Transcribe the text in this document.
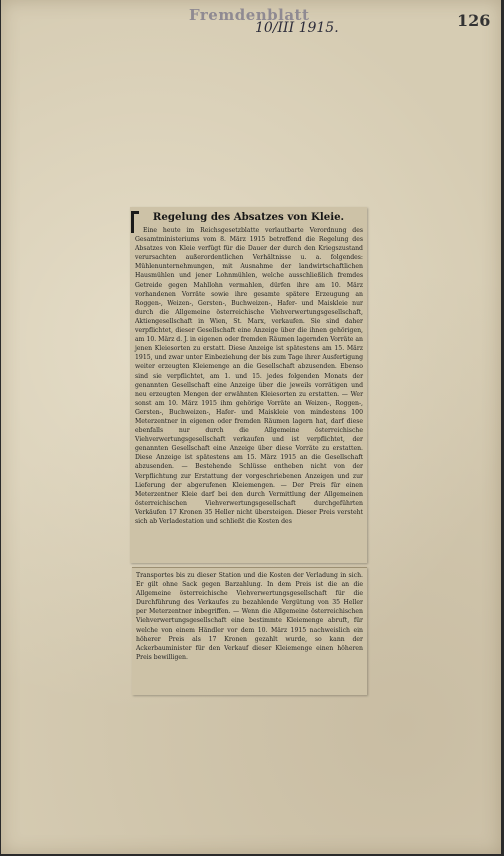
Fremdenblatt
10/III 1915.	126
Regelung des Absatzes von Kleie.

Eine heute im Reichsgesetzblatte verlautbarte Verordnung des Gesamtministeriums vom 8. März 1915 betreffend die Regelung des Absatzes von Kleie verfügt für die Dauer der durch den Kriegszustand verursachten außerordentlichen Verhältnisse u. a. folgendes: Mühlenunternehmungen, mit Ausnahme der landwirtschaftlichen Hausmühlen und jener Lohnmühlen, welche ausschließlich fremdes Getreide gegen Mahllohn vermahlen, dürfen ihre am 10. März vorhandenen Vorräte sowie ihre gesamte spätere Erzeugung an Roggen-, Weizen-, Gersten-, Buchweizen-, Hafer- und Maiskleie nur durch die Allgemeine österreichische Viehverwertungsgesellschaft, Aktiengesellschaft in Wien, St. Marx, verkaufen. Sie sind daher verpflichtet, dieser Gesellschaft eine Anzeige über die ihnen gehörigen, am 10. März d. J. in eigenen oder fremden Räumen lagernden Vorräte an jenen Kleiesorten zu erstatt. Diese Anzeige ist spätestens am 15. März 1915, und zwar unter Einbeziehung der bis zum Tage ihrer Ausfertigung weiter erzeugten Kleiemenge an die Gesellschaft abzusenden. Ebenso sind sie verpflichtet, am 1. und 15. jedes folgenden Monats der genannten Gesellschaft eine Anzeige über die jeweils vorrätigen und neu erzeugten Mengen der erwähnten Kleiesorten zu erstatten. — Wer sonst am 10. März 1915 ihm gehörige Vorräte an Weizen-, Roggen-, Gersten-, Buchweizen-, Hafer- und Maiskleie von mindestens 100 Meterzentner in eigenen oder fremden Räumen lagern hat, darf diese ebenfalls nur durch die Allgemeine österreichische Viehverwertungsgesellschaft verkaufen und ist verpflichtet, der genannten Gesellschaft eine Anzeige über diese Vorräte zu erstatten. Diese Anzeige ist spätestens am 15. März 1915 an die Gesellschaft abzusenden. — Bestehende Schlüsse entheben nicht von der Verpflichtung zur Erstattung der vorgeschriebenen Anzeigen und zur Lieferung der abgerufenen Kleiemengen. — Der Preis für einen Meterzentner Kleie darf bei den durch Vermittlung der Allgemeinen österreichischen Viehverwertungsgesellschaft durchgeführten Verkäufen 17 Kronen 35 Heller nicht übersteigen. Dieser Preis versteht sich ab Verladestation und schließt die Kosten des

Transportes bis zu dieser Station und die Kosten der Verladung in sich. Er gilt ohne Sack gegen Barzahlung. In dem Preis ist die an die Allgemeine österreichische Viehverwertungsgesellschaft für die Durchführung des Verkaufes zu bezahlende Vergütung von 35 Heller per Meterzentner inbegriffen. — Wenn die Allgemeine österreichischen Viehverwertungsgesellschaft eine bestimmte Kleiemenge abruft, für welche von einem Händler vor dem 10. März 1915 nachweislich ein höherer Preis als 17 Kronen gezahlt wurde, so kann der Ackerbauminister für den Verkauf dieser Kleiemenge einen höheren Preis bewilligen.
